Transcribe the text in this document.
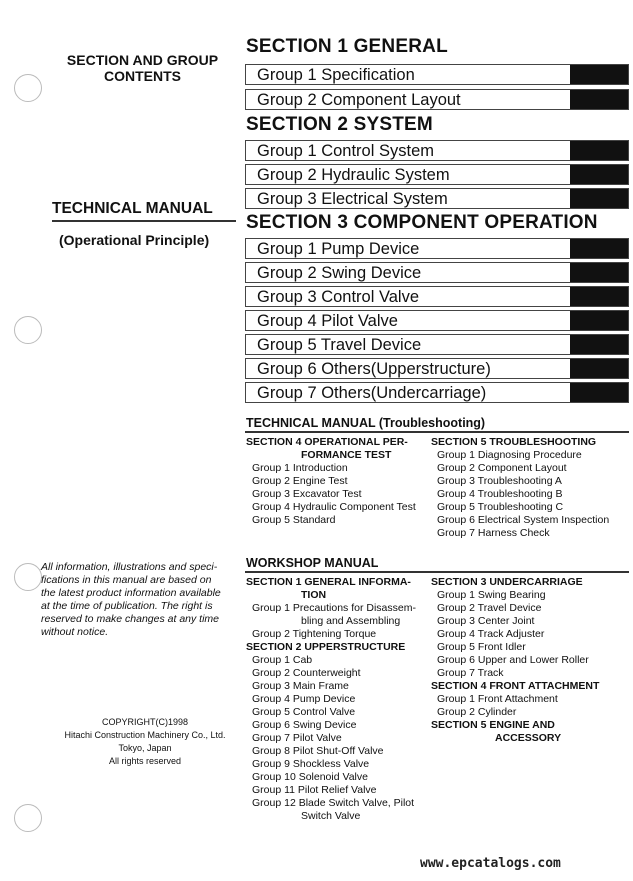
SECTION AND GROUP
CONTENTS
TECHNICAL MANUAL
(Operational Principle)
All information, illustrations and speci-
fications in this manual are based on
the latest product information available
at the time of publication. The right is
reserved to make changes at any time
without notice.
COPYRIGHT(C)1998
Hitachi Construction Machinery Co., Ltd.
Tokyo, Japan
All rights reserved
SECTION 1 GENERAL
Group 1 Specification
Group 2 Component Layout
SECTION 2 SYSTEM
Group 1 Control System
Group 2 Hydraulic System
Group 3 Electrical System
SECTION 3 COMPONENT OPERATION
Group 1 Pump Device
Group 2 Swing Device
Group 3 Control Valve
Group 4 Pilot Valve
Group 5 Travel Device
Group 6 Others(Upperstructure)
Group 7 Others(Undercarriage)
TECHNICAL MANUAL (Troubleshooting)
SECTION 4 OPERATIONAL PER-
FORMANCE TEST
Group 1 Introduction
Group 2 Engine Test
Group 3 Excavator Test
Group 4 Hydraulic Component Test
Group 5 Standard
SECTION 5 TROUBLESHOOTING
Group 1 Diagnosing Procedure
Group 2 Component Layout
Group 3 Troubleshooting A
Group 4 Troubleshooting B
Group 5 Troubleshooting C
Group 6 Electrical System Inspection
Group 7 Harness Check
WORKSHOP MANUAL
SECTION 1 GENERAL INFORMA-
TION
Group 1 Precautions for Disassem-
bling and Assembling
Group 2 Tightening Torque
SECTION 2 UPPERSTRUCTURE
Group 1 Cab
Group 2 Counterweight
Group 3 Main Frame
Group 4 Pump Device
Group 5 Control Valve
Group 6 Swing Device
Group 7 Pilot Valve
Group 8 Pilot Shut-Off Valve
Group 9 Shockless Valve
Group 10 Solenoid Valve
Group 11 Pilot Relief Valve
Group 12 Blade Switch Valve, Pilot
Switch Valve
SECTION 3 UNDERCARRIAGE
Group 1 Swing Bearing
Group 2 Travel Device
Group 3 Center Joint
Group 4 Track Adjuster
Group 5 Front Idler
Group 6 Upper and Lower Roller
Group 7 Track
SECTION 4 FRONT ATTACHMENT
Group 1 Front Attachment
Group 2 Cylinder
SECTION 5 ENGINE AND
ACCESSORY
www.epcatalogs.com
